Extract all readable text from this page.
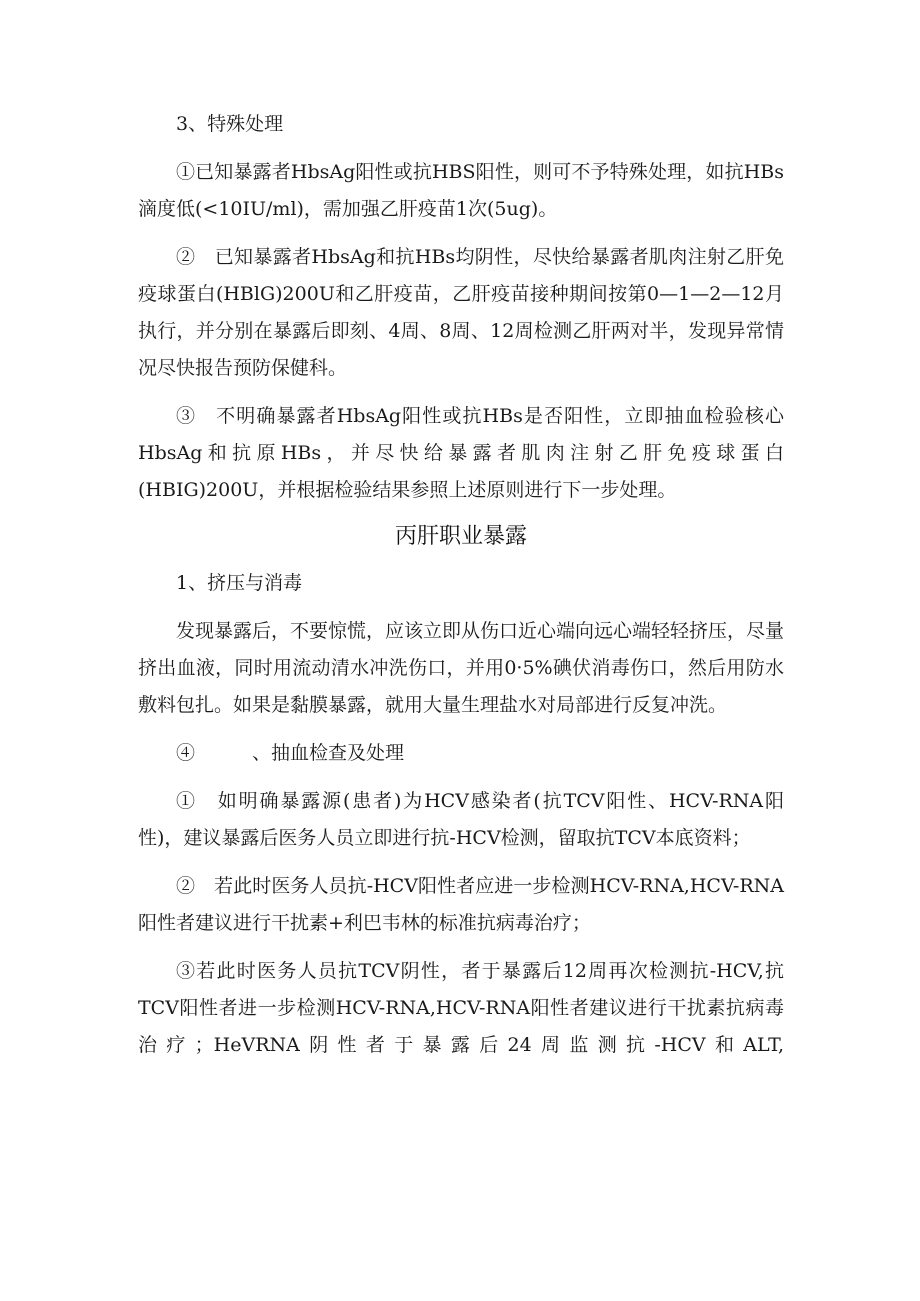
3、特殊处理

①已知暴露者HbsAg阳性或抗HBS阳性，则可不予特殊处理，如抗HBs滴度低(<10IU/ml)，需加强乙肝疫苗1次(5ug)。

②　已知暴露者HbsAg和抗HBs均阴性，尽快给暴露者肌肉注射乙肝免疫球蛋白(HBlG)200U和乙肝疫苗，乙肝疫苗接种期间按第0—1—2—12月执行，并分别在暴露后即刻、4周、8周、12周检测乙肝两对半，发现异常情况尽快报告预防保健科。

③　不明确暴露者HbsAg阳性或抗HBs是否阳性，立即抽血检验核心HbsAg和抗原HBs，并尽快给暴露者肌肉注射乙肝免疫球蛋白(HBIG)200U，并根据检验结果参照上述原则进行下一步处理。

丙肝职业暴露

1、挤压与消毒

发现暴露后，不要惊慌，应该立即从伤口近心端向远心端轻轻挤压，尽量挤出血液，同时用流动清水冲洗伤口，并用0·5%碘伏消毒伤口，然后用防水敷料包扎。如果是黏膜暴露，就用大量生理盐水对局部进行反复冲洗。

④　　　、抽血检查及处理

①　如明确暴露源(患者)为HCV感染者(抗TCV阳性、HCV-RNA阳性)，建议暴露后医务人员立即进行抗-HCV检测，留取抗TCV本底资料；

②　若此时医务人员抗-HCV阳性者应进一步检测HCV-RNA,HCV-RNA阳性者建议进行干扰素+利巴韦林的标准抗病毒治疗；

③若此时医务人员抗TCV阴性，者于暴露后12周再次检测抗-HCV,抗TCV阳性者进一步检测HCV-RNA,HCV-RNA阳性者建议进行干扰素抗病毒治疗；HeVRNA阴性者于暴露后24周监测抗-HCV和ALT,
